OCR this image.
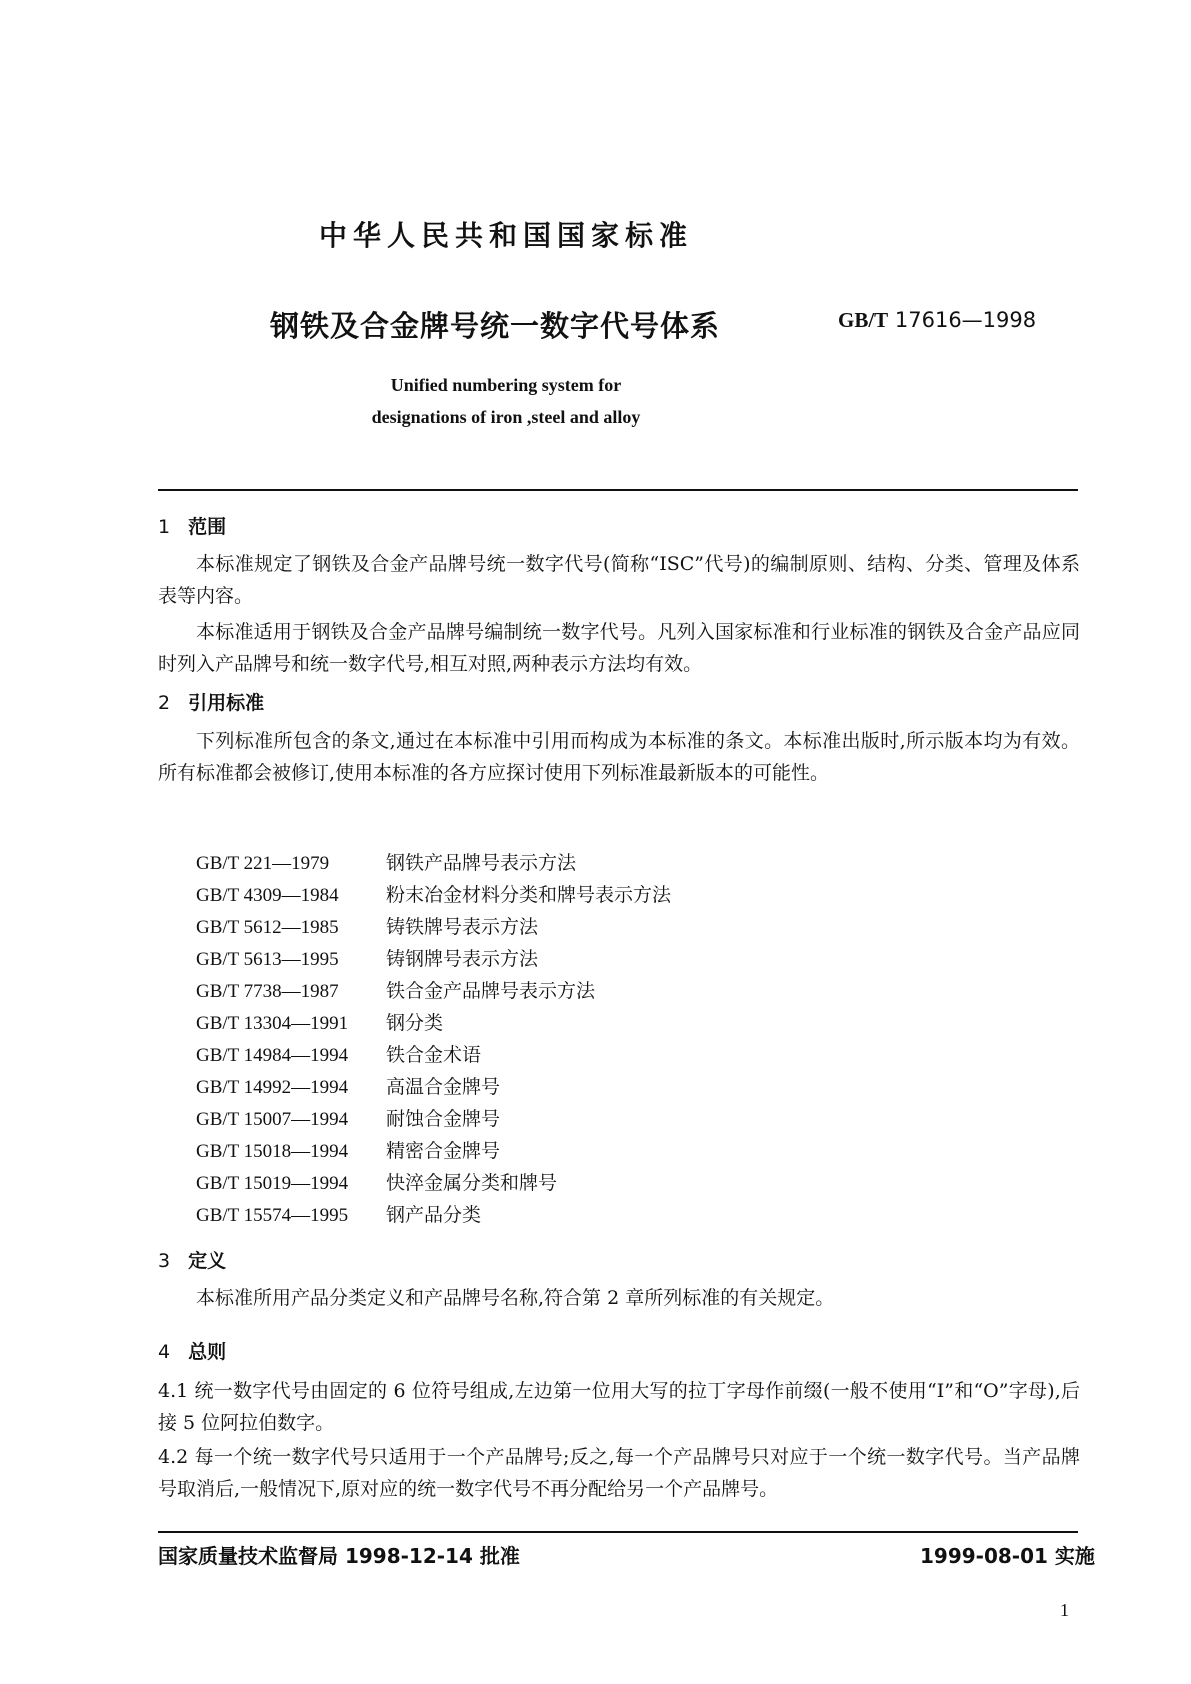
中华人民共和国国家标准
钢铁及合金牌号统一数字代号体系	GB/T 17616—1998
Unified numbering system for
designations of iron ,steel and alloy
1 范围
本标准规定了钢铁及合金产品牌号统一数字代号(简称“ISC”代号)的编制原则、结构、分类、管理及体系表等内容。
本标准适用于钢铁及合金产品牌号编制统一数字代号。凡列入国家标准和行业标准的钢铁及合金产品应同时列入产品牌号和统一数字代号,相互对照,两种表示方法均有效。
2 引用标准
下列标准所包含的条文,通过在本标准中引用而构成为本标准的条文。本标准出版时,所示版本均为有效。所有标准都会被修订,使用本标准的各方应探讨使用下列标准最新版本的可能性。
GB/T 221—1979	钢铁产品牌号表示方法
GB/T 4309—1984 粉末冶金材料分类和牌号表示方法
GB/T 5612—1985 铸铁牌号表示方法
GB/T 5613—1995 铸钢牌号表示方法
GB/T 7738—1987 铁合金产品牌号表示方法
GB/T 13304—1991 钢分类
GB/T 14984—1994 铁合金术语
GB/T 14992—1994 高温合金牌号
GB/T 15007—1994 耐蚀合金牌号
GB/T 15018—1994 精密合金牌号
GB/T 15019—1994 快淬金属分类和牌号
GB/T 15574—1995 钢产品分类
3 定义
本标准所用产品分类定义和产品牌号名称,符合第 2 章所列标准的有关规定。
4 总则
4.1 统一数字代号由固定的 6 位符号组成,左边第一位用大写的拉丁字母作前缀(一般不使用“I”和“O”字母),后接 5 位阿拉伯数字。
4.2 每一个统一数字代号只适用于一个产品牌号;反之,每一个产品牌号只对应于一个统一数字代号。当产品牌号取消后,一般情况下,原对应的统一数字代号不再分配给另一个产品牌号。
国家质量技术监督局 1998-12-14 批准	1999-08-01 实施
1
